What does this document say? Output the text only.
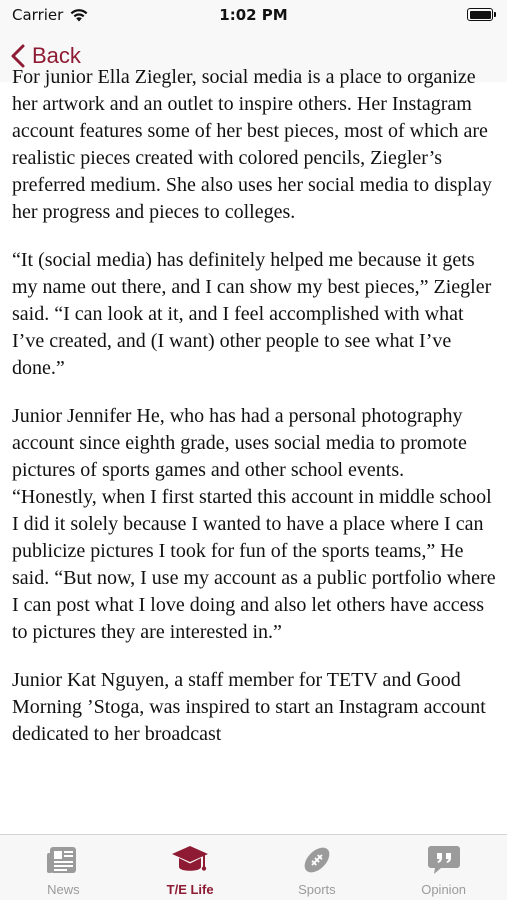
Carrier	1:02 PM
Back

For junior Ella Ziegler, social media is a place to organize her artwork and an outlet to inspire others. Her Instagram account features some of her best pieces, most of which are realistic pieces created with colored pencils, Ziegler’s preferred medium. She also uses her social media to display her progress and pieces to colleges.

“It (social media) has definitely helped me because it gets my name out there, and I can show my best pieces,” Ziegler said. “I can look at it, and I feel accomplished with what I’ve created, and (I want) other people to see what I’ve done.”

Junior Jennifer He, who has had a personal photography account since eighth grade, uses social media to promote pictures of sports games and other school events.

“Honestly, when I first started this account in middle school I did it solely because I wanted to have a place where I can publicize pictures I took for fun of the sports teams,” He said. “But now, I use my account as a public portfolio where I can post what I love doing and also let others have access to pictures they are interested in.”

Junior Kat Nguyen, a staff member for TETV and Good Morning ’Stoga, was inspired to start an Instagram account dedicated to her broadcast

News	T/E Life	Sports	Opinion
